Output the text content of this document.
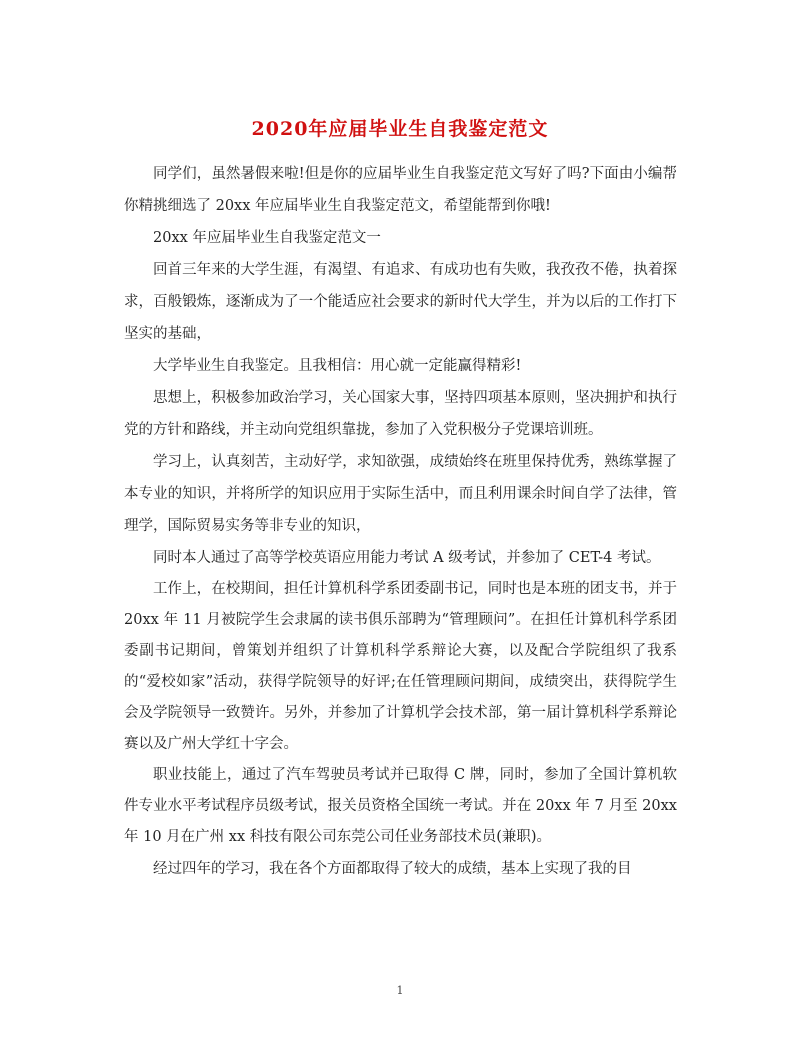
2020年应届毕业生自我鉴定范文

同学们，虽然暑假来啦!但是你的应届毕业生自我鉴定范文写好了吗?下面由小编帮你精挑细选了 20xx 年应届毕业生自我鉴定范文，希望能帮到你哦!

20xx 年应届毕业生自我鉴定范文一

回首三年来的大学生涯，有渴望、有追求、有成功也有失败，我孜孜不倦，执着探求，百般锻炼，逐渐成为了一个能适应社会要求的新时代大学生，并为以后的工作打下坚实的基础，

大学毕业生自我鉴定。且我相信：用心就一定能赢得精彩!

思想上，积极参加政治学习，关心国家大事，坚持四项基本原则，坚决拥护和执行党的方针和路线，并主动向党组织靠拢，参加了入党积极分子党课培训班。

学习上，认真刻苦，主动好学，求知欲强，成绩始终在班里保持优秀，熟练掌握了本专业的知识，并将所学的知识应用于实际生活中，而且利用课余时间自学了法律，管理学，国际贸易实务等非专业的知识，

同时本人通过了高等学校英语应用能力考试 A 级考试，并参加了 CET-4 考试。

工作上，在校期间，担任计算机科学系团委副书记，同时也是本班的团支书，并于 20xx 年 11 月被院学生会隶属的读书俱乐部聘为“管理顾问”。在担任计算机科学系团委副书记期间，曾策划并组织了计算机科学系辩论大赛，以及配合学院组织了我系的“爱校如家”活动，获得学院领导的好评;在任管理顾问期间，成绩突出，获得院学生会及学院领导一致赞许。另外，并参加了计算机学会技术部，第一届计算机科学系辩论赛以及广州大学红十字会。

职业技能上，通过了汽车驾驶员考试并已取得 C 牌，同时，参加了全国计算机软件专业水平考试程序员级考试，报关员资格全国统一考试。并在 20xx 年 7 月至 20xx 年 10 月在广州 xx 科技有限公司东莞公司任业务部技术员(兼职)。

经过四年的学习，我在各个方面都取得了较大的成绩，基本上实现了我的目

1
